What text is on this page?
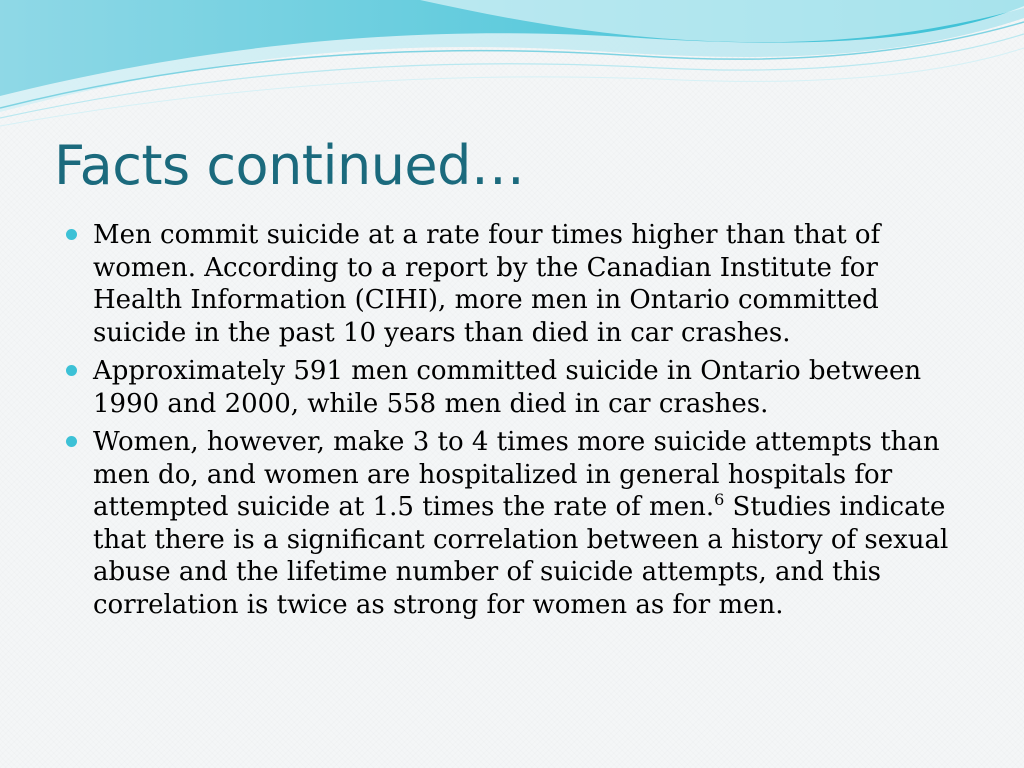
Facts continued…
Men commit suicide at a rate four times higher than that of women. According to a report by the Canadian Institute for Health Information (CIHI), more men in Ontario committed suicide in the past 10 years than died in car crashes.
Approximately 591 men committed suicide in Ontario between 1990 and 2000, while 558 men died in car crashes.
Women, however, make 3 to 4 times more suicide attempts than men do, and women are hospitalized in general hospitals for attempted suicide at 1.5 times the rate of men.$^6$ Studies indicate that there is a significant correlation between a history of sexual abuse and the lifetime number of suicide attempts, and this correlation is twice as strong for women as for men.
